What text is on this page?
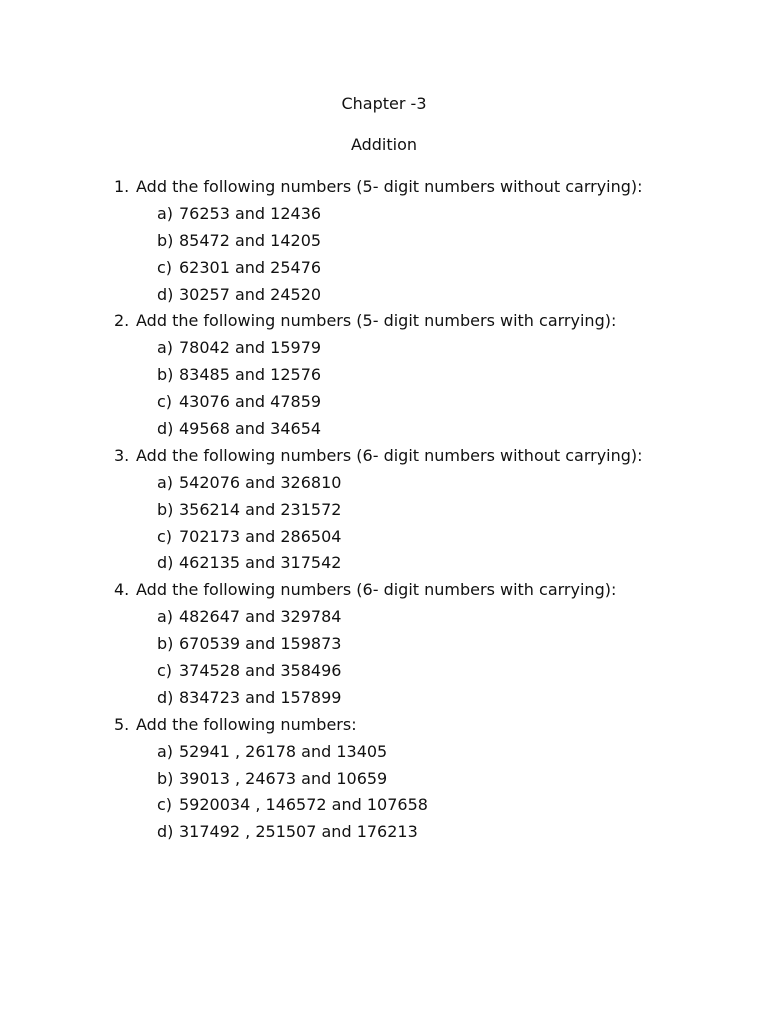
Chapter -3
Addition
1. Add the following numbers (5- digit numbers without carrying):
a) 76253 and 12436
b) 85472 and 14205
c) 62301 and 25476
d) 30257 and 24520
2. Add the following numbers (5- digit numbers with carrying):
a) 78042 and 15979
b) 83485 and 12576
c) 43076 and 47859
d) 49568 and 34654
3. Add the following numbers (6- digit numbers without carrying):
a) 542076 and 326810
b) 356214 and 231572
c) 702173 and 286504
d) 462135 and 317542
4. Add the following numbers (6- digit numbers with carrying):
a) 482647 and 329784
b) 670539 and 159873
c) 374528 and 358496
d) 834723 and 157899
5. Add the following numbers:
a) 52941 , 26178 and 13405
b) 39013 , 24673 and 10659
c) 5920034 , 146572 and 107658
d) 317492 , 251507 and 176213
